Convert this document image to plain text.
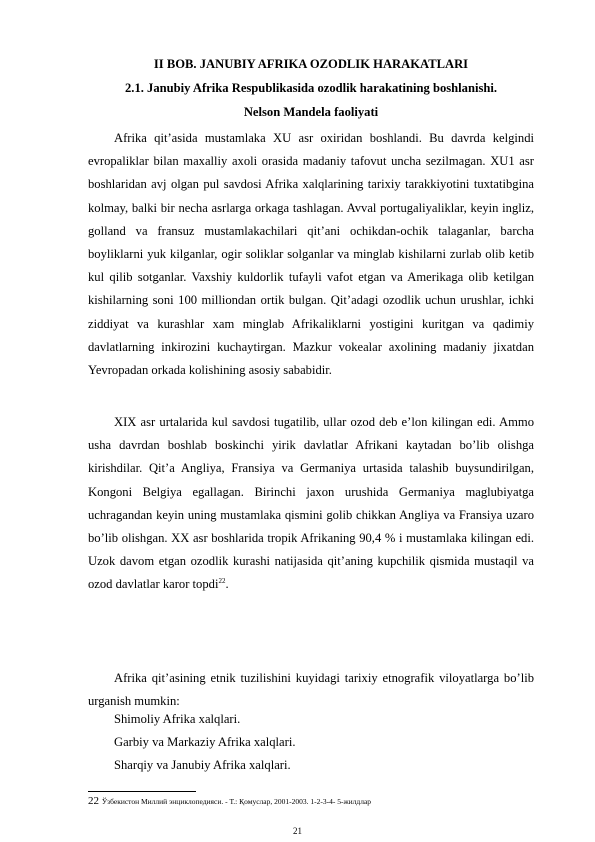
II BOB. JANUBIY AFRIKA OZODLIK HARAKATLARI
2.1. Janubiy Afrika Respublikasida ozodlik harakatining boshlanishi.
Nelson Mandela faoliyati

Afrika qit’asida mustamlaka XU asr oxiridan boshlandi. Bu davrda kelgindi evropaliklar bilan maxalliy axoli orasida madaniy tafovut uncha sezilmagan. XU1 asr boshlaridan avj olgan pul savdosi Afrika xalqlarining tarixiy tarakkiyotini tuxtatibgina kolmay, balki bir necha asrlarga orkaga tashlagan. Avval portugaliyaliklar, keyin ingliz, golland va fransuz mustamlakachilari qit’ani ochikdan-ochik talaganlar, barcha boyliklarni yuk kilganlar, ogir soliklar solganlar va minglab kishilarni zurlab olib ketib kul qilib sotganlar. Vaxshiy kuldorlik tufayli vafot etgan va Amerikaga olib ketilgan kishilarning soni 100 milliondan ortik bulgan. Qit’adagi ozodlik uchun urushlar, ichki ziddiyat va kurashlar xam minglab Afrikaliklarni yostigini kuritgan va qadimiy davlatlarning inkirozini kuchaytirgan. Mazkur vokealar axolining madaniy jixatdan Yevropadan orkada kolishining asosiy sababidir.

XIX asr urtalarida kul savdosi tugatilib, ullar ozod deb e’lon kilingan edi. Ammo usha davrdan boshlab boskinchi yirik davlatlar Afrikani kaytadan bo’lib olishga kirishdilar. Qit’a Angliya, Fransiya va Germaniya urtasida talashib buysundirilgan, Kongoni Belgiya egallagan. Birinchi jaxon urushida Germaniya maglubiyatga uchragandan keyin uning mustamlaka qismini golib chikkan Angliya va Fransiya uzaro bo’lib olishgan. XX asr boshlarida tropik Afrikaning 90,4 % i mustamlaka kilingan edi. Uzok davom etgan ozodlik kurashi natijasida qit’aning kupchilik qismida mustaqil va ozod davlatlar karor topdi$^{22}$.

Afrika qit’asining etnik tuzilishini kuyidagi tarixiy etnografik viloyatlarga bo’lib urganish mumkin:

Shimoliy Afrika xalqlari.
Garbiy va Markaziy Afrika xalqlari.
Sharqiy va Janubiy Afrika xalqlari.
22 Ўзбекистон Миллий энциклопедияси. - Т.: Қомуслар, 2001-2003. 1-2-3-4- 5-жилдлар
21
